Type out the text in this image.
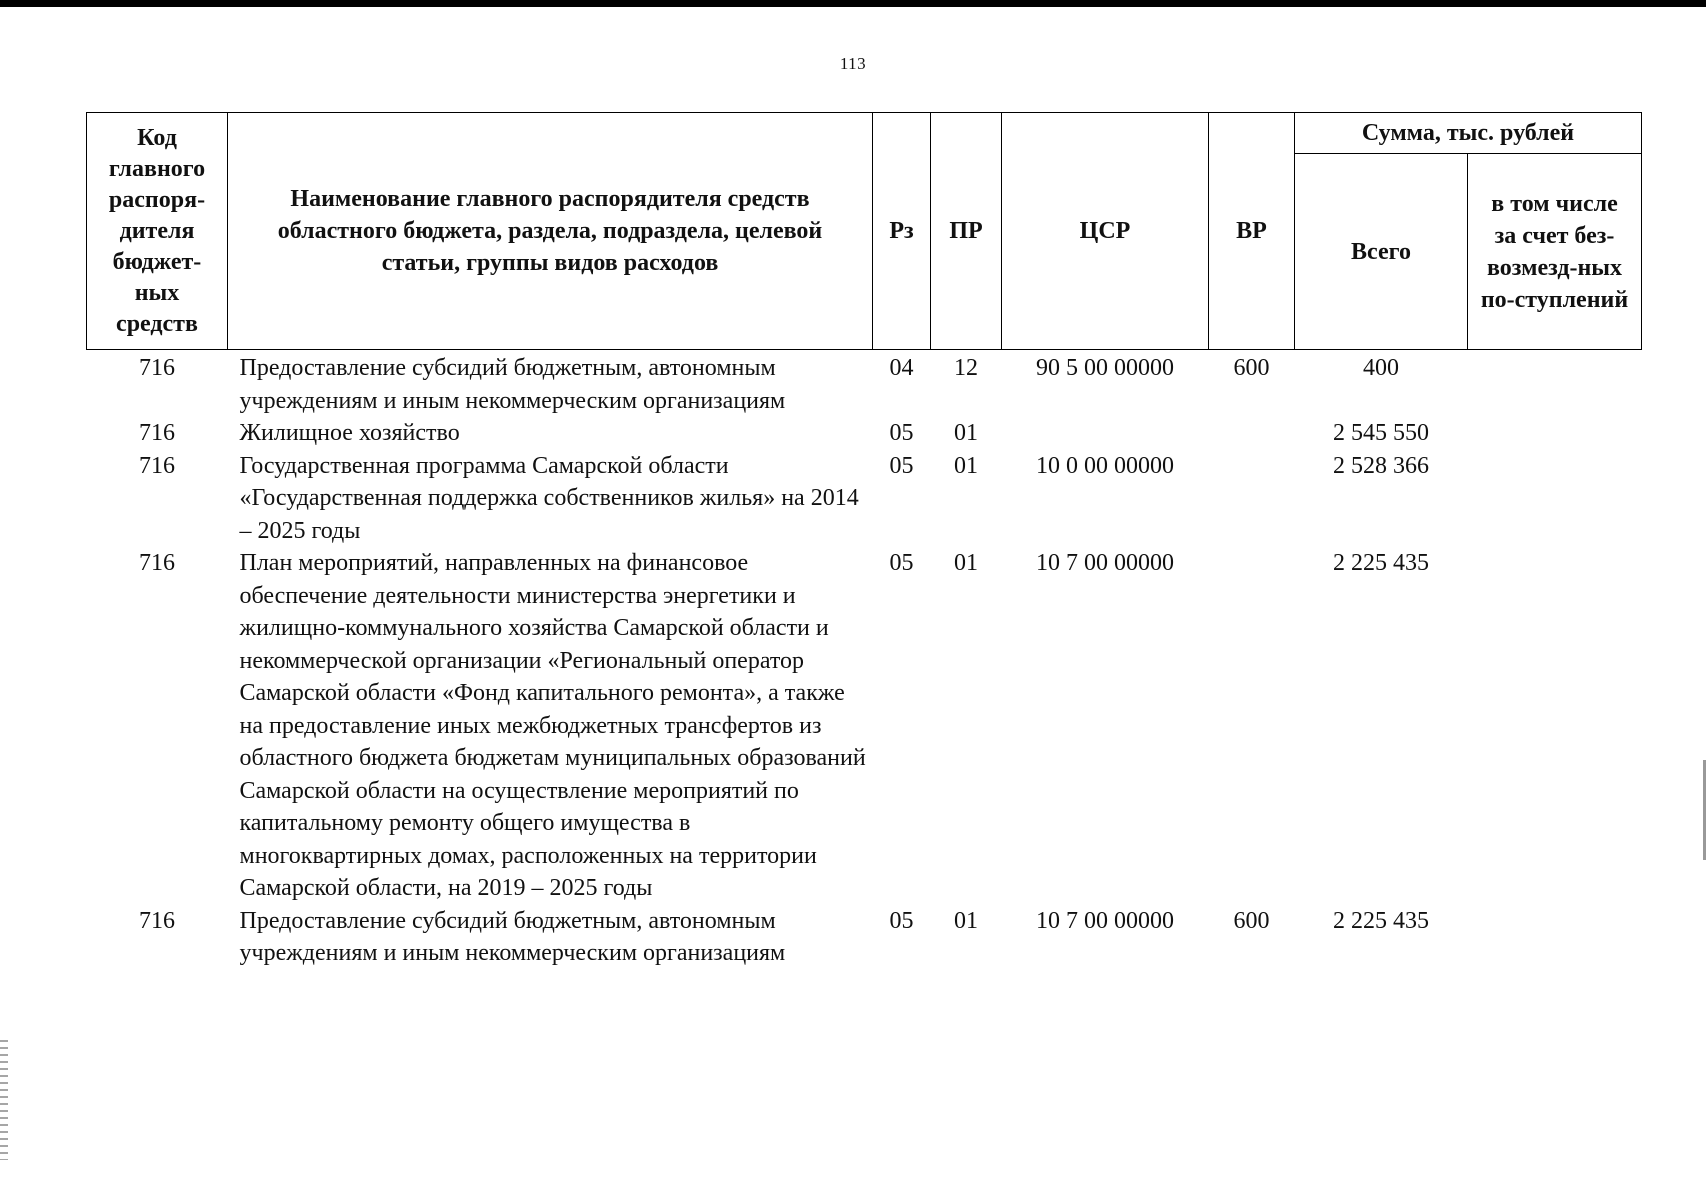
113
Код главного распоря-дителя бюджет-ных средств	Наименование главного распорядителя средств областного бюджета, раздела, подраздела, целевой статьи, группы видов расходов	Рз	ПР	ЦСР	ВР	Сумма, тыс. рублей	
						Всего	в том числе за счет без-возмезд-ных по-ступлений
716	Предоставление субсидий бюджетным, автономным учреждениям и иным некоммерческим организациям	04	12	90 5 00 00000	600	400	
716	Жилищное хозяйство	05	01			2 545 550	
716	Государственная программа Самарской области «Государственная поддержка собственников жилья» на 2014 – 2025 годы	05	01	10 0 00 00000		2 528 366	
716	План мероприятий, направленных на финансовое обеспечение деятельности министерства энергетики и жилищно-коммунального хозяйства Самарской области и некоммерческой организации «Региональный оператор Самарской области «Фонд капитального ремонта», а также на предоставление иных межбюджетных трансфертов из областного бюджета бюджетам муниципальных образований Самарской области на осуществление мероприятий по капитальному ремонту общего имущества в многоквартирных домах, расположенных на территории Самарской области, на 2019 – 2025 годы	05	01	10 7 00 00000		2 225 435	
716	Предоставление субсидий бюджетным, автономным учреждениям и иным некоммерческим организациям	05	01	10 7 00 00000	600	2 225 435	
